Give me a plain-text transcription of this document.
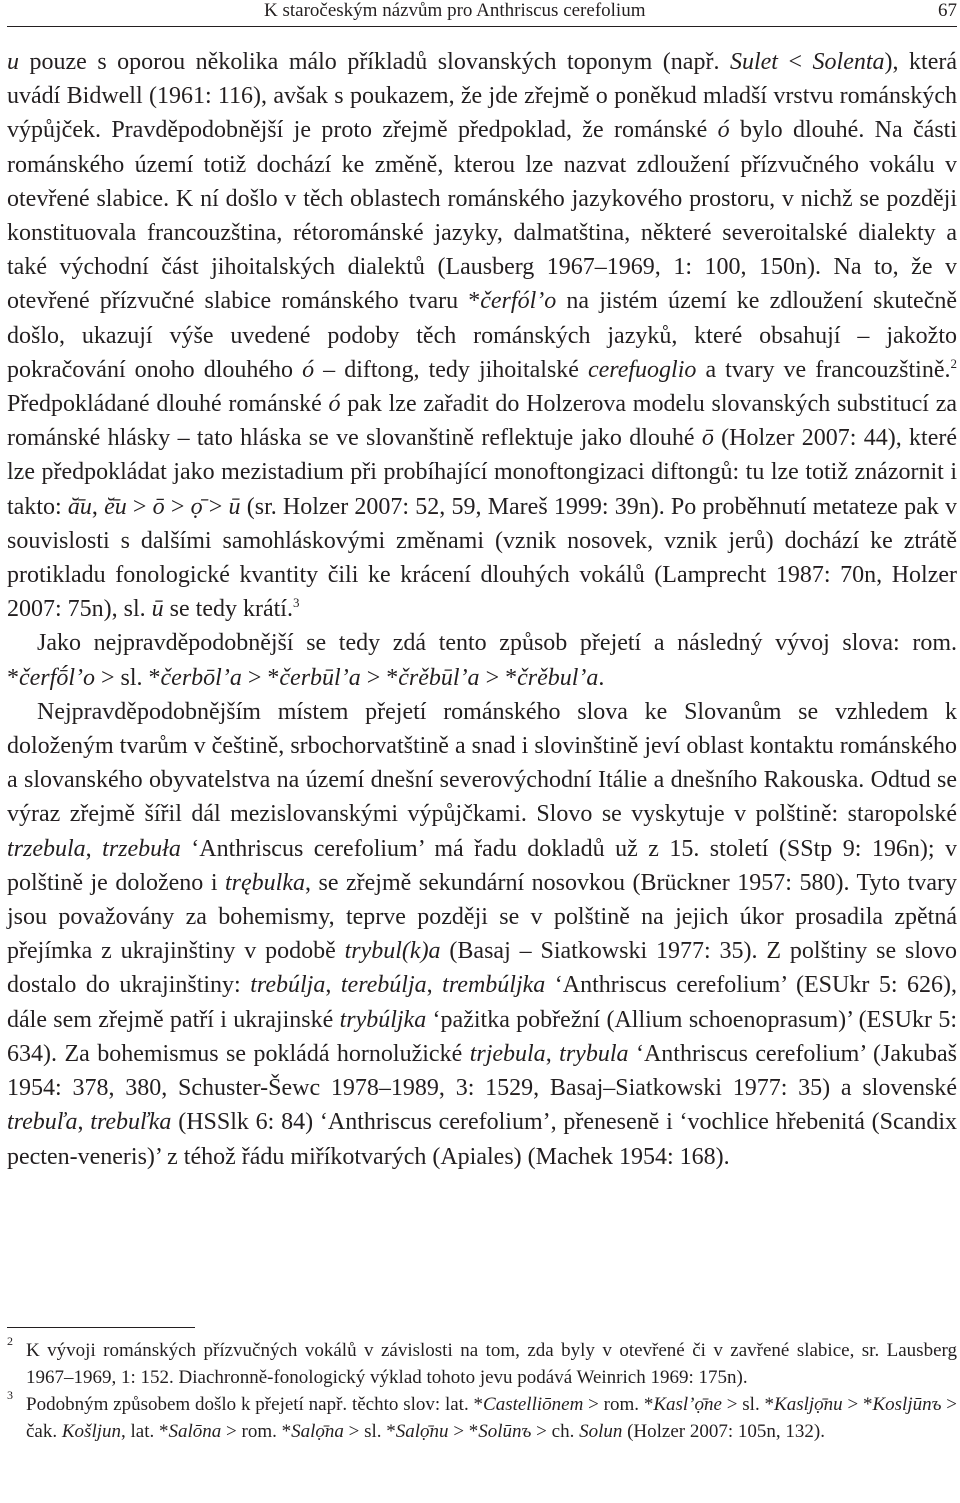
K staročeským názvům pro Anthriscus cerefolium	67

u pouze s oporou několika málo příkladů slovanských toponym (např. Sulet < Solenta), která uvádí Bidwell (1961: 116), avšak s poukazem, že jde zřejmě o poněkud mladší vrstvu románských výpůjček. Pravděpodobnější je proto zřejmě předpoklad, že románské ó bylo dlouhé. Na části románského území totiž dochází ke změně, kterou lze nazvat zdloužení přízvučného vokálu v otevřené slabice. K ní došlo v těch oblastech románského jazykového prostoru, v nichž se později konstituovala francouzština, rétorománské jazyky, dalmatština, některé severoitalské dialekty a také východní část jihoitalských dialektů (Lausberg 1967–1969, 1: 100, 150n). Na to, že v otevřené přízvučné slabice románského tvaru *čerfól’o na jistém území ke zdloužení skutečně došlo, ukazují výše uvedené podoby těch románských jazyků, které obsahují – jakožto pokračování onoho dlouhého ó – diftong, tedy jihoitalské cerefuoglio a tvary ve francouzštině.$^2$ Předpokládané dlouhé románské ó pak lze zařadit do Holzerova modelu slovanských substitucí za románské hlásky – tato hláska se ve slovanštině reflektuje jako dlouhé ō (Holzer 2007: 44), které lze předpokládat jako mezistadium při probíhající monoftongizaci diftongů: tu lze totiž znázornit i takto: ă̄u, ĕ̄u > ō > ọ̄ > ū (sr. Holzer 2007: 52, 59, Mareš 1999: 39n). Po proběhnutí metateze pak v souvislosti s dalšími samohláskovými změnami (vznik nosovek, vznik jerů) dochází ke ztrátě protikladu fonologické kvantity čili ke krácení dlouhých vokálů (Lamprecht 1987: 70n, Holzer 2007: 75n), sl. ū se tedy krátí.$^3$

Jako nejpravděpodobnější se tedy zdá tento způsob přejetí a následný vývoj slova: rom. *čerfṓl’o > sl. *čerbōl’a > *čerbūl’a > *črěbūl’a > *črěbul’a.

Nejpravděpodobnějším místem přejetí románského slova ke Slovanům se vzhledem k doloženým tvarům v češtině, srbochorvatštině a snad i slovinštině jeví oblast kontaktu románského a slovanského obyvatelstva na území dnešní severovýchodní Itálie a dnešního Rakouska. Odtud se výraz zřejmě šířil dál mezislovanskými výpůjčkami. Slovo se vyskytuje v polštině: staropolské trzebula, trzebuła ‘Anthriscus cerefolium’ má řadu dokladů už z 15. století (SStp 9: 196n); v polštině je doloženo i trębulka, se zřejmě sekundární nosovkou (Brückner 1957: 580). Tyto tvary jsou považovány za bohemismy, teprve později se v polštině na jejich úkor prosadila zpětná přejímka z ukrajinštiny v podobě trybul(k)a (Basaj – Siatkowski 1977: 35). Z polštiny se slovo dostalo do ukrajinštiny: trebúlja, terebúlja, trembúljka ‘Anthriscus cerefolium’ (ESUkr 5: 626), dále sem zřejmě patří i ukrajinské trybúljka ‘pažitka pobřežní (Allium schoenoprasum)’ (ESUkr 5: 634). Za bohemismus se pokládá hornolužické trjebula, trybula ‘Anthriscus cerefolium’ (Jakubaš 1954: 378, 380, Schuster-Šewc 1978–1989, 3: 1529, Basaj–Siatkowski 1977: 35) a slovenské trebuľa, trebuľka (HSSlk 6: 84) ‘Anthriscus cerefolium’, přenesenĕ i ‘vochlice hřebenitá (Scandix pecten-veneris)’ z téhož řádu miříkotvarých (Apiales) (Machek 1954: 168).

2 K vývoji románských přízvučných vokálů v závislosti na tom, zda byly v otevřené či v zavřené slabice, sr. Lausberg 1967–1969, 1: 152. Diachronně-fonologický výklad tohoto jevu podává Weinrich 1969: 175n).
3 Podobným způsobem došlo k přejetí např. těchto slov: lat. *Castelliōnem > rom. *Kasl’ọ̄ne > sl. *Kasljọ̄nu > *Kosljūnъ > čak. Košljun, lat. *Salōna > rom. *Salọ̄na > sl. *Salọ̄nu > *Solūnъ > ch. Solun (Holzer 2007: 105n, 132).
